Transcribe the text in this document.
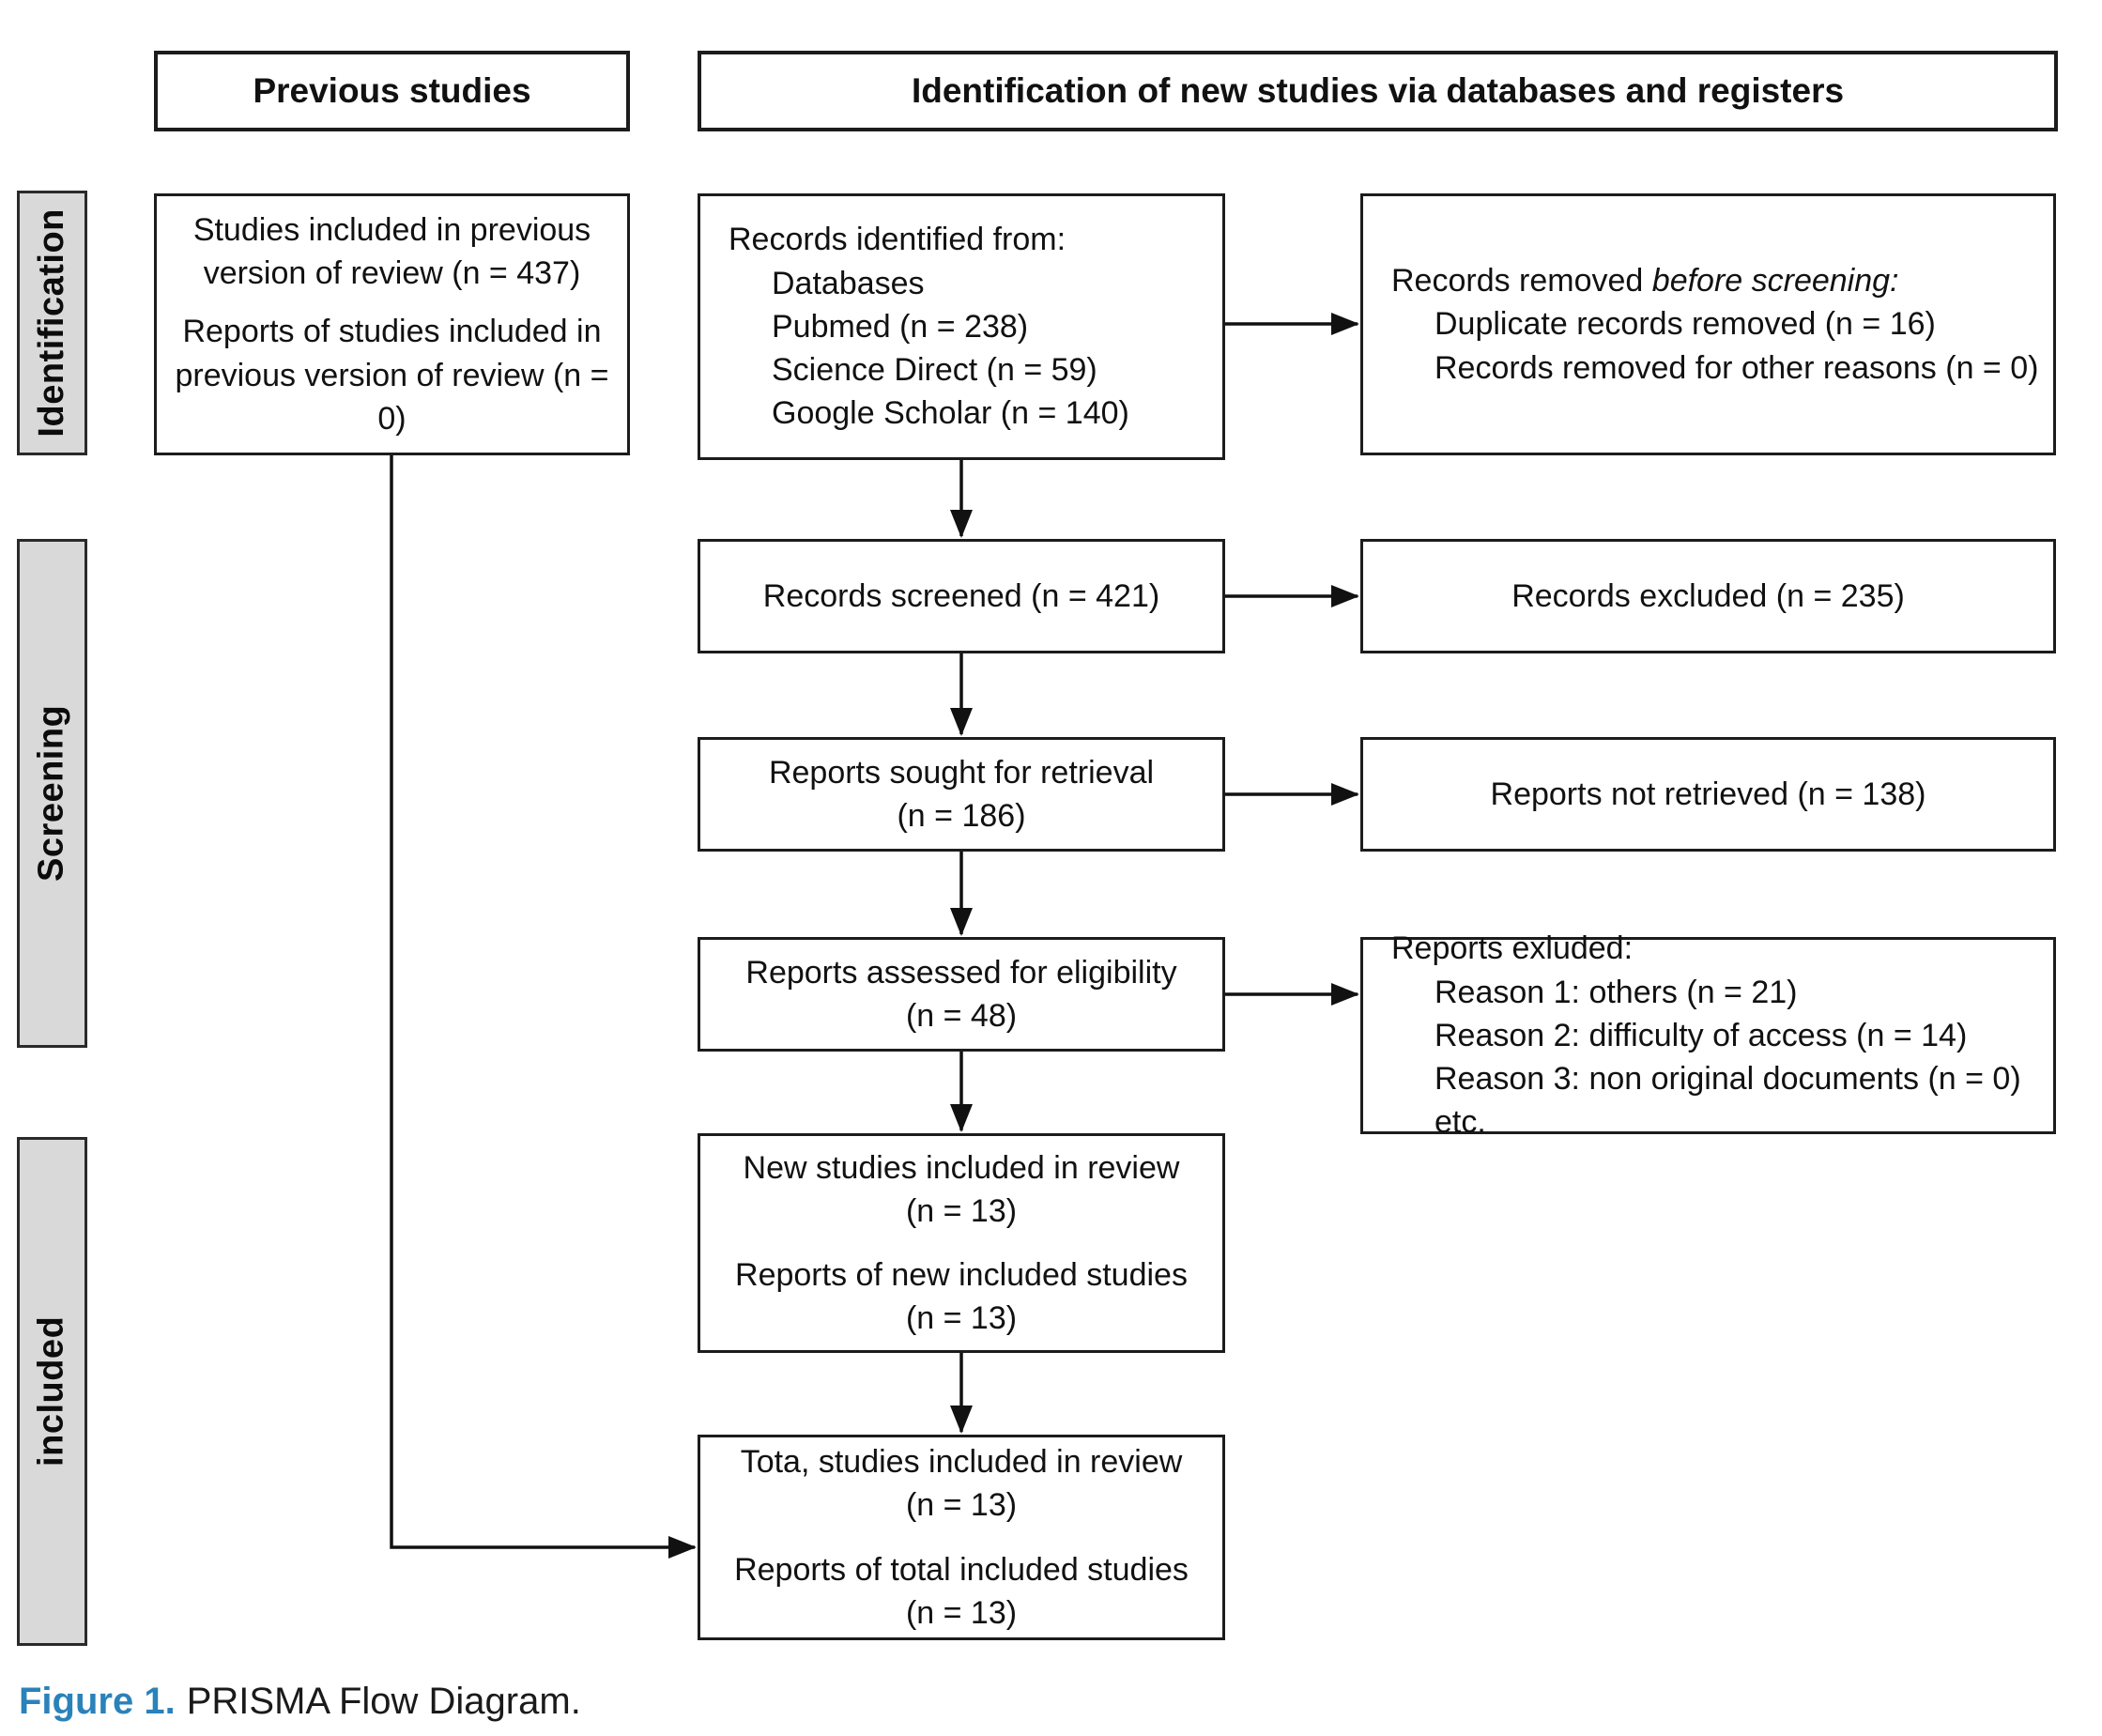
Previous studies	Identification of new studies via databases and registers
Identification
Screening
included
Studies included in previous version of review (n = 437)
Reports of studies included in previous version of review (n = 0)
Records identified from:
Databases
Pubmed (n = 238)
Science Direct (n = 59)
Google Scholar (n = 140)
Records removed before screening:
Duplicate records removed (n = 16)
Records removed for other reasons (n = 0)
Records screened (n = 421)	Records excluded (n = 235)
Reports sought for retrieval
(n = 186)
Reports not retrieved (n = 138)
Reports assessed for eligibility
(n = 48)
Reports exluded:
Reason 1: others (n = 21)
Reason 2: difficulty of access (n = 14)
Reason 3: non original documents (n = 0) etc.
New studies included in review
(n = 13)
Reports of new included studies
(n = 13)
Tota, studies included in review
(n = 13)
Reports of total included studies
(n = 13)
Figure 1. PRISMA Flow Diagram.
